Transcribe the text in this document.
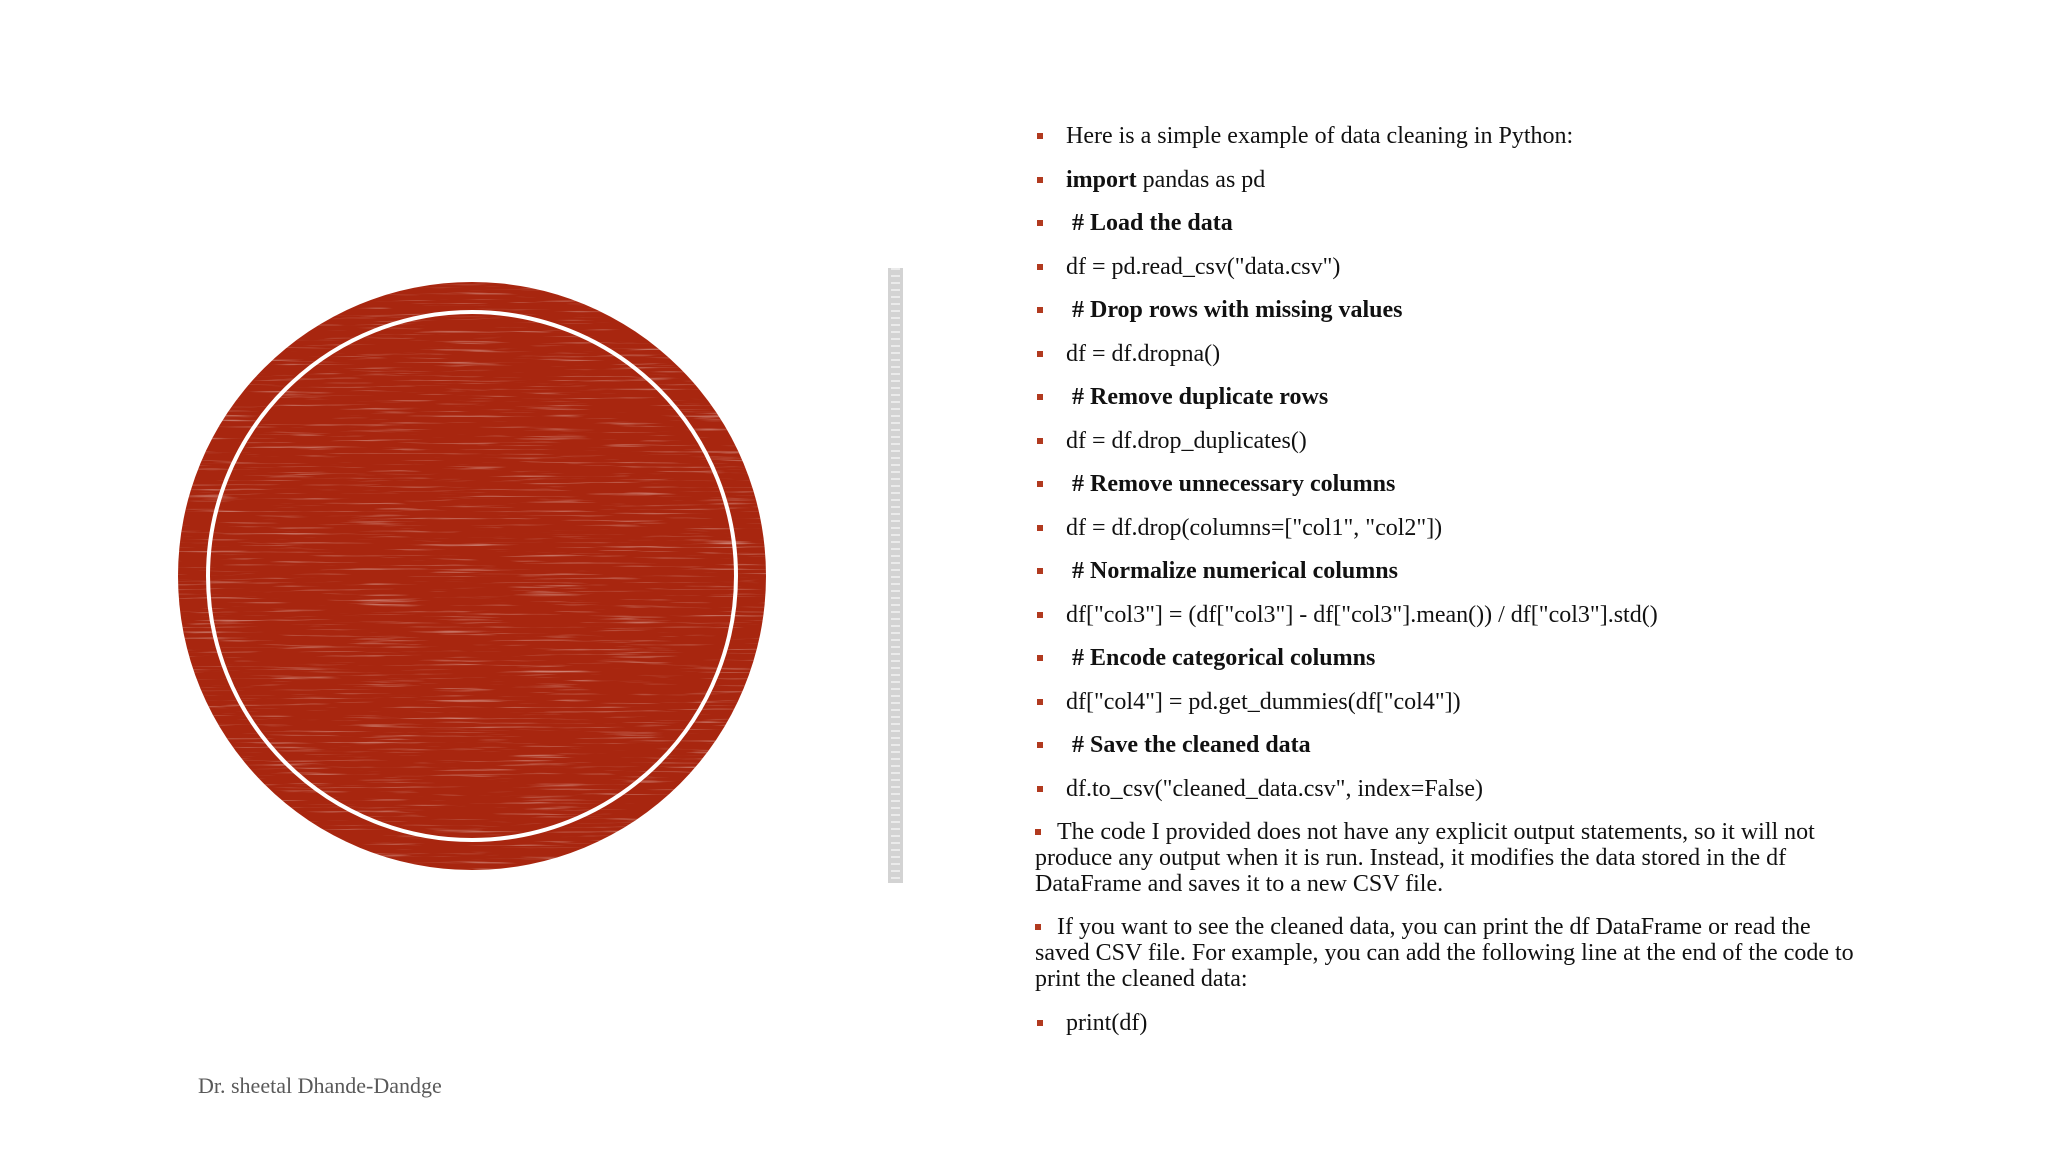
Here is a simple example of data cleaning in Python:
import pandas as pd
# Load the data
df = pd.read_csv("data.csv")
# Drop rows with missing values
df = df.dropna()
# Remove duplicate rows
df = df.drop_duplicates()
# Remove unnecessary columns
df = df.drop(columns=["col1", "col2"])
# Normalize numerical columns
df["col3"] = (df["col3"] - df["col3"].mean()) / df["col3"].std()
# Encode categorical columns
df["col4"] = pd.get_dummies(df["col4"])
# Save the cleaned data
df.to_csv("cleaned_data.csv", index=False)
The code I provided does not have any explicit output statements, so it will not produce any output when it is run. Instead, it modifies the data stored in the df DataFrame and saves it to a new CSV file.
If you want to see the cleaned data, you can print the df DataFrame or read the saved CSV file. For example, you can add the following line at the end of the code to print the cleaned data:
print(df)
Dr. sheetal Dhande-Dandge
